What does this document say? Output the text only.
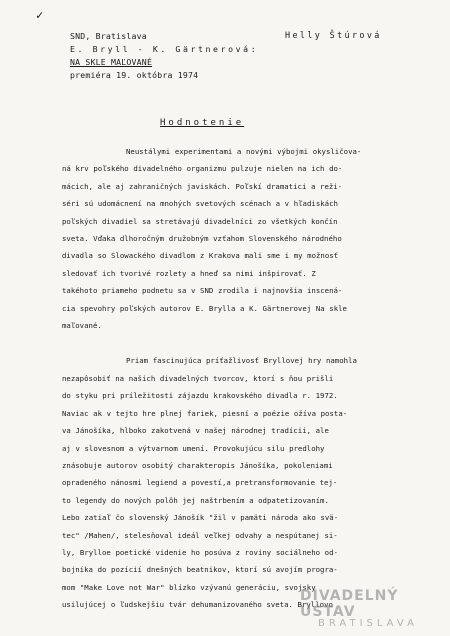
✓
SND, Bratislava
E. Bryll - K. Gärtnerová:
NA SKLE MAĽOVANÉ
premiéra 19. októbra 1974
Helly Štúrová
Hodnotenie
Neustálymi experimentami a novými výbojmi okysličova-
ná krv poľského divadelného organizmu pulzuje nielen na ich do-
mácich, ale aj zahraničných javiskách. Poľskí dramatici a reži-
séri sú udomácnení na mnohých svetových scénach a v hľadiskách
poľských divadiel sa stretávajú divadelníci zo všetkých končín
sveta. Vďaka dlhoročným družobným vzťahom Slovenského národného
divadla so Slowackého divadlom z Krakova mali sme i my možnosť
sledovať ich tvorivé rozlety a hneď sa nimi inšpirovať. Z
takéhoto priameho podnetu sa v SND zrodila i najnovšia inscená-
cia spevohry poľských autorov E. Brylla a K. Gärtnerovej Na skle
maľované.
Priam fascinujúca príťažlivosť Bryllovej hry namohla
nezapôsobiť na našich divadelných tvorcov, ktorí s ňou prišli
do styku pri príležitosti zájazdu krakovského divadla r. 1972.
Naviac ak v tejto hre plnej fariek, piesní a poézie ožíva posta-
va Jánošíka, hlboko zakotvená v našej národnej tradícii, ale
aj v slovesnom a výtvarnom umení. Provokujúcu silu predlohy
znásobuje autorov osobitý charakteropis Jánošíka, pokoleniami
opradeného nánosmi legiend a povestí,a pretransformovanie tej-
to legendy do nových polôh jej naštrbením a odpatetizovaním.
Lebo zatiaľ čo slovenský Jánošík "žil v pamäti národa ako svä-
tec" /Mahen/, stelesňoval ideál veľkej odvahy a nespútanej si-
ly, Brylloe poetické videnie ho posúva z roviny sociálneho od-
bojníka do pozícií dnešných beatnikov, ktorí sú avojím progra-
mom "Make Love not War" blízko vzývanú generáciu, svojsky
usilujúcej o ľudskejšiu tvár dehumanizovaného sveta. Bryllovo
DIVADELNÝ ÚSTAV
BRATISLAVA
